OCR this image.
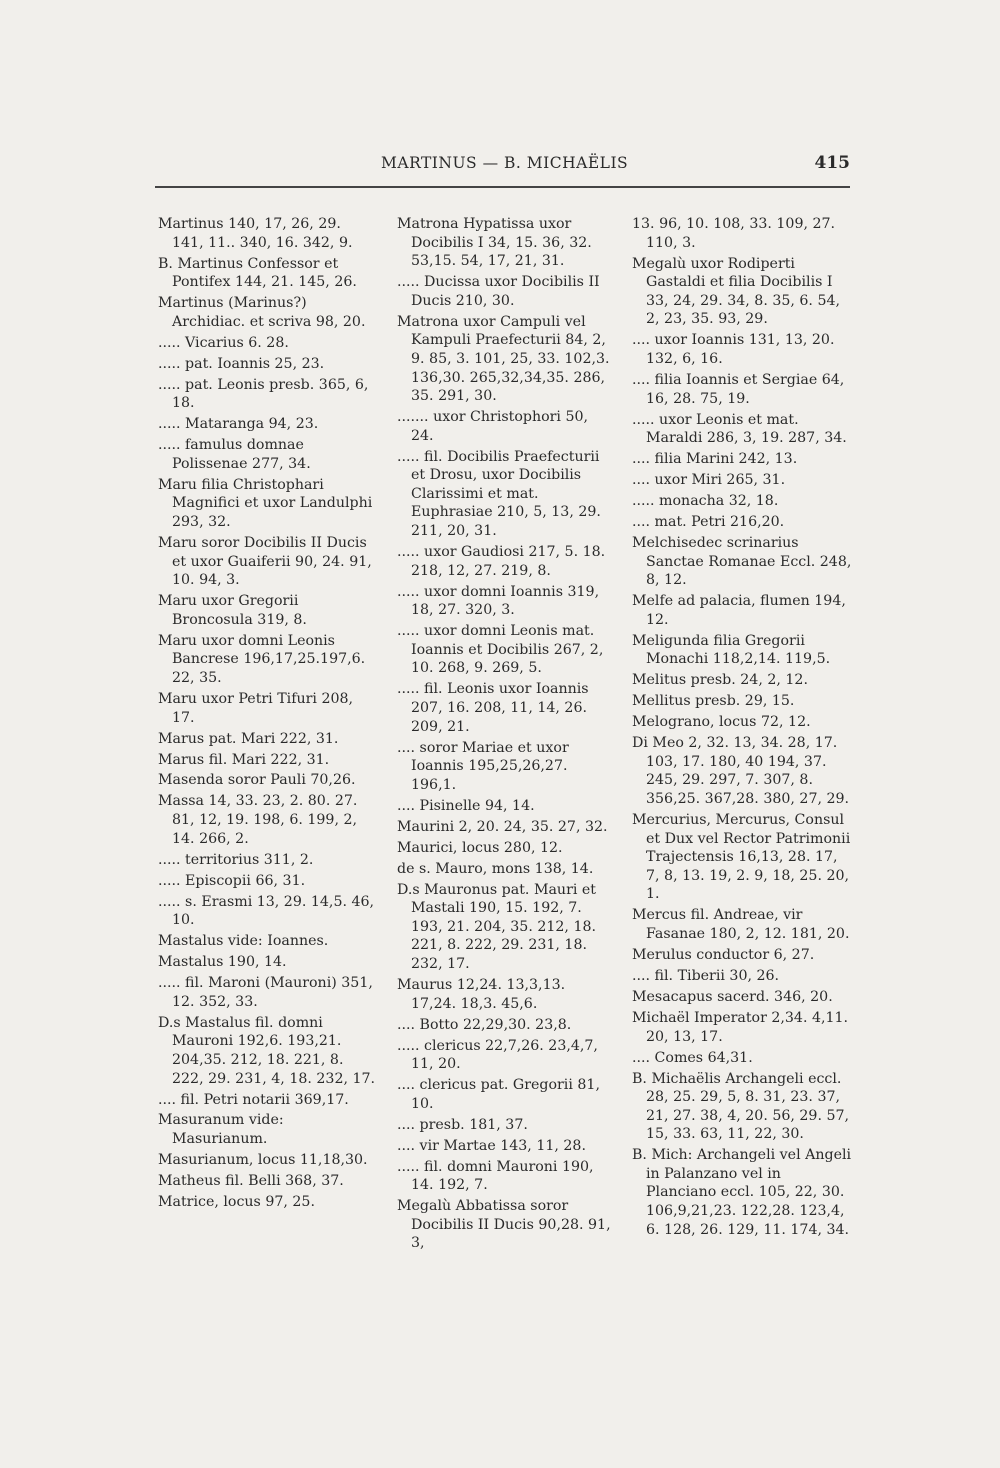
MARTINUS — B. MICHAËLIS	415
Martinus 140, 17, 26, 29. 141, 11.. 340, 16. 342, 9.
B. Martinus Confessor et Pontifex 144, 21. 145, 26.
Martinus (Marinus?) Archidiac. et scriva 98, 20.
..... Vicarius 6. 28.
..... pat. Ioannis 25, 23.
..... pat. Leonis presb. 365, 6, 18.
..... Mataranga 94, 23.
..... famulus domnae Polissenae 277, 34.
Maru filia Christophari Magnifici et uxor Landulphi 293, 32.
Maru soror Docibilis II Ducis et uxor Guaiferii 90, 24. 91, 10. 94, 3.
Maru uxor Gregorii Broncosula 319, 8.
Maru uxor domni Leonis Bancrese 196,17,25.197,6. 22, 35.
Maru uxor Petri Tifuri 208, 17.
Marus pat. Mari 222, 31.
Marus fil. Mari 222, 31.
Masenda soror Pauli 70,26.
Massa 14, 33. 23, 2. 80. 27. 81, 12, 19. 198, 6. 199, 2, 14. 266, 2.
..... territorius 311, 2.
..... Episcopii 66, 31.
..... s. Erasmi 13, 29. 14,5. 46, 10.
Mastalus vide: Ioannes.
Mastalus 190, 14.
..... fil. Maroni (Mauroni) 351, 12. 352, 33.
D.s Mastalus fil. domni Mauroni 192,6. 193,21. 204,35. 212, 18. 221, 8. 222, 29. 231, 4, 18. 232, 17.
.... fil. Petri notarii 369,17.
Masuranum vide: Masurianum.
Masurianum, locus 11,18,30.
Matheus fil. Belli 368, 37.
Matrice, locus 97, 25.
Matrona Hypatissa uxor Docibilis I 34, 15. 36, 32. 53,15. 54, 17, 21, 31.
..... Ducissa uxor Docibilis II Ducis 210, 30.
Matrona uxor Campuli vel Kampuli Praefecturii 84, 2, 9. 85, 3. 101, 25, 33. 102,3. 136,30. 265,32,34,35. 286, 35. 291, 30.
....... uxor Christophori 50, 24.
..... fil. Docibilis Praefecturii et Drosu, uxor Docibilis Clarissimi et mat. Euphrasiae 210, 5, 13, 29. 211, 20, 31.
..... uxor Gaudiosi 217, 5. 18. 218, 12, 27. 219, 8.
..... uxor domni Ioannis 319, 18, 27. 320, 3.
..... uxor domni Leonis mat. Ioannis et Docibilis 267, 2, 10. 268, 9. 269, 5.
..... fil. Leonis uxor Ioannis 207, 16. 208, 11, 14, 26. 209, 21.
.... soror Mariae et uxor Ioannis 195,25,26,27. 196,1.
.... Pisinelle 94, 14.
Maurini 2, 20. 24, 35. 27, 32.
Maurici, locus 280, 12.
de s. Mauro, mons 138, 14.
D.s Mauronus pat. Mauri et Mastali 190, 15. 192, 7. 193, 21. 204, 35. 212, 18. 221, 8. 222, 29. 231, 18. 232, 17.
Maurus 12,24. 13,3,13. 17,24. 18,3. 45,6.
.... Botto 22,29,30. 23,8.
..... clericus 22,7,26. 23,4,7, 11, 20.
.... clericus pat. Gregorii 81, 10.
.... presb. 181, 37.
.... vir Martae 143, 11, 28.
..... fil. domni Mauroni 190, 14. 192, 7.
Megalù Abbatissa soror Docibilis II Ducis 90,28. 91, 3,
13. 96, 10. 108, 33. 109, 27. 110, 3.
Megalù uxor Rodiperti Gastaldi et filia Docibilis I 33, 24, 29. 34, 8. 35, 6. 54, 2, 23, 35. 93, 29.
.... uxor Ioannis 131, 13, 20. 132, 6, 16.
.... filia Ioannis et Sergiae 64, 16, 28. 75, 19.
..... uxor Leonis et mat. Maraldi 286, 3, 19. 287, 34.
.... filia Marini 242, 13.
.... uxor Miri 265, 31.
..... monacha 32, 18.
.... mat. Petri 216,20.
Melchisedec scrinarius Sanctae Romanae Eccl. 248, 8, 12.
Melfe ad palacia, flumen 194, 12.
Meligunda filia Gregorii Monachi 118,2,14. 119,5.
Melitus presb. 24, 2, 12.
Mellitus presb. 29, 15.
Melograno, locus 72, 12.
Di Meo 2, 32. 13, 34. 28, 17. 103, 17. 180, 40 194, 37. 245, 29. 297, 7. 307, 8. 356,25. 367,28. 380, 27, 29.
Mercurius, Mercurus, Consul et Dux vel Rector Patrimonii Trajectensis 16,13, 28. 17, 7, 8, 13. 19, 2. 9, 18, 25. 20, 1.
Mercus fil. Andreae, vir Fasanae 180, 2, 12. 181, 20.
Merulus conductor 6, 27.
.... fil. Tiberii 30, 26.
Mesacapus sacerd. 346, 20.
Michaël Imperator 2,34. 4,11. 20, 13, 17.
.... Comes 64,31.
B. Michaëlis Archangeli eccl. 28, 25. 29, 5, 8. 31, 23. 37, 21, 27. 38, 4, 20. 56, 29. 57, 15, 33. 63, 11, 22, 30.
B. Mich: Archangeli vel Angeli in Palanzano vel in Planciano eccl. 105, 22, 30. 106,9,21,23. 122,28. 123,4, 6. 128, 26. 129, 11. 174, 34.
